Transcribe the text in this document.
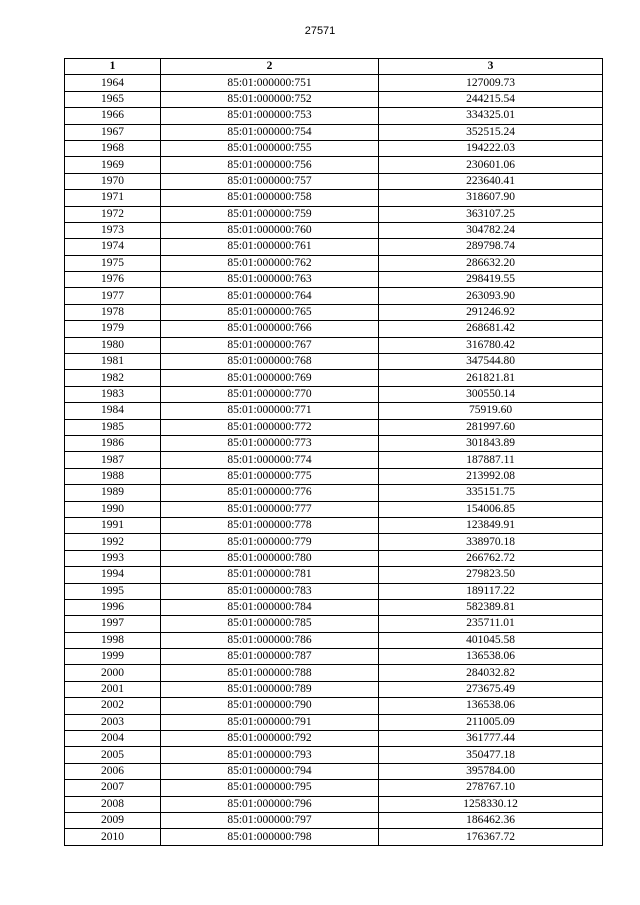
27571
1	2	3
1964	85:01:000000:751	127009.73
1965	85:01:000000:752	244215.54
1966	85:01:000000:753	334325.01
1967	85:01:000000:754	352515.24
1968	85:01:000000:755	194222.03
1969	85:01:000000:756	230601.06
1970	85:01:000000:757	223640.41
1971	85:01:000000:758	318607.90
1972	85:01:000000:759	363107.25
1973	85:01:000000:760	304782.24
1974	85:01:000000:761	289798.74
1975	85:01:000000:762	286632.20
1976	85:01:000000:763	298419.55
1977	85:01:000000:764	263093.90
1978	85:01:000000:765	291246.92
1979	85:01:000000:766	268681.42
1980	85:01:000000:767	316780.42
1981	85:01:000000:768	347544.80
1982	85:01:000000:769	261821.81
1983	85:01:000000:770	300550.14
1984	85:01:000000:771	75919.60
1985	85:01:000000:772	281997.60
1986	85:01:000000:773	301843.89
1987	85:01:000000:774	187887.11
1988	85:01:000000:775	213992.08
1989	85:01:000000:776	335151.75
1990	85:01:000000:777	154006.85
1991	85:01:000000:778	123849.91
1992	85:01:000000:779	338970.18
1993	85:01:000000:780	266762.72
1994	85:01:000000:781	279823.50
1995	85:01:000000:783	189117.22
1996	85:01:000000:784	582389.81
1997	85:01:000000:785	235711.01
1998	85:01:000000:786	401045.58
1999	85:01:000000:787	136538.06
2000	85:01:000000:788	284032.82
2001	85:01:000000:789	273675.49
2002	85:01:000000:790	136538.06
2003	85:01:000000:791	211005.09
2004	85:01:000000:792	361777.44
2005	85:01:000000:793	350477.18
2006	85:01:000000:794	395784.00
2007	85:01:000000:795	278767.10
2008	85:01:000000:796	1258330.12
2009	85:01:000000:797	186462.36
2010	85:01:000000:798	176367.72
